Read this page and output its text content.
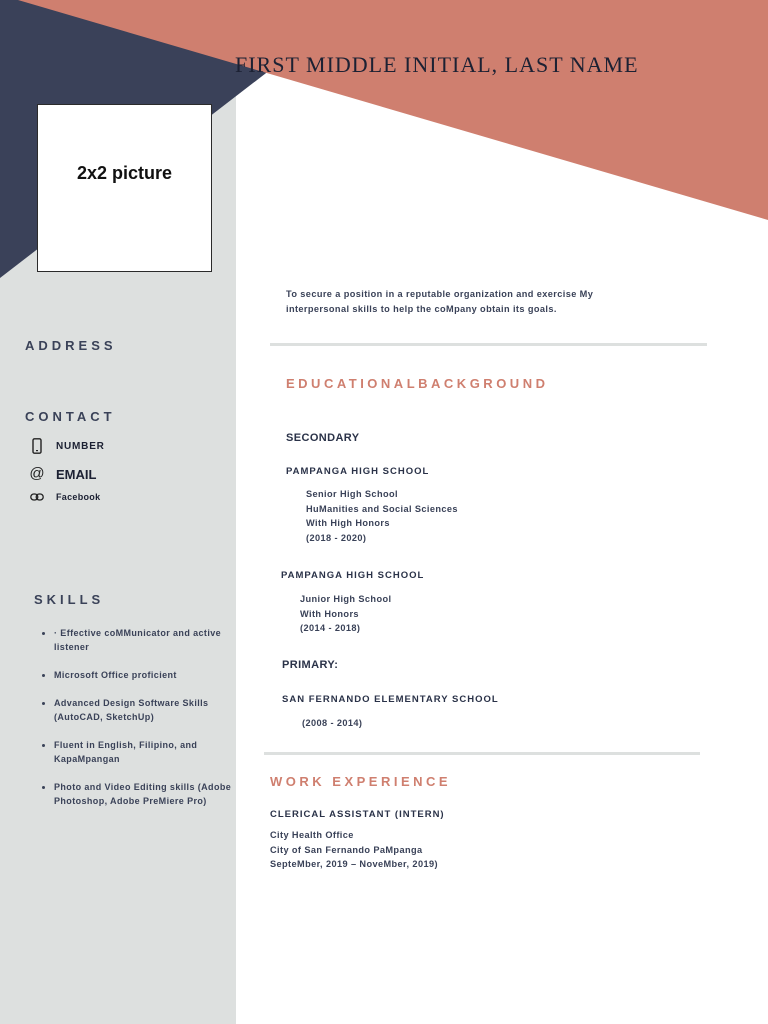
FIRST MIDDLE INITIAL, LAST NAME
2x2 picture
ADDRESS
CONTACT
NUMBER
@ EMAIL
Facebook
SKILLS
• · Effective coMMunicator and active listener
• Microsoft Office proficient
• Advanced Design Software Skills (AutoCAD, SketchUp)
• Fluent in English, Filipino, and KapaMpangan
• Photo and Video Editing skills (Adobe Photoshop, Adobe PreMiere Pro)
To secure a position in a reputable organization and exercise My interpersonal skills to help the coMpany obtain its goals.
EDUCATIONALBACKGROUND
SECONDARY
PAMPANGA HIGH SCHOOL
Senior High School
HuManities and Social Sciences
With High Honors
(2018 - 2020)
PAMPANGA HIGH SCHOOL
Junior High School
With Honors
(2014 - 2018)
PRIMARY:
SAN FERNANDO ELEMENTARY SCHOOL
(2008 - 2014)
WORK EXPERIENCE
CLERICAL ASSISTANT (INTERN)
City Health Office
City of San Fernando PaMpanga
SepteMber, 2019 – NoveMber, 2019)
